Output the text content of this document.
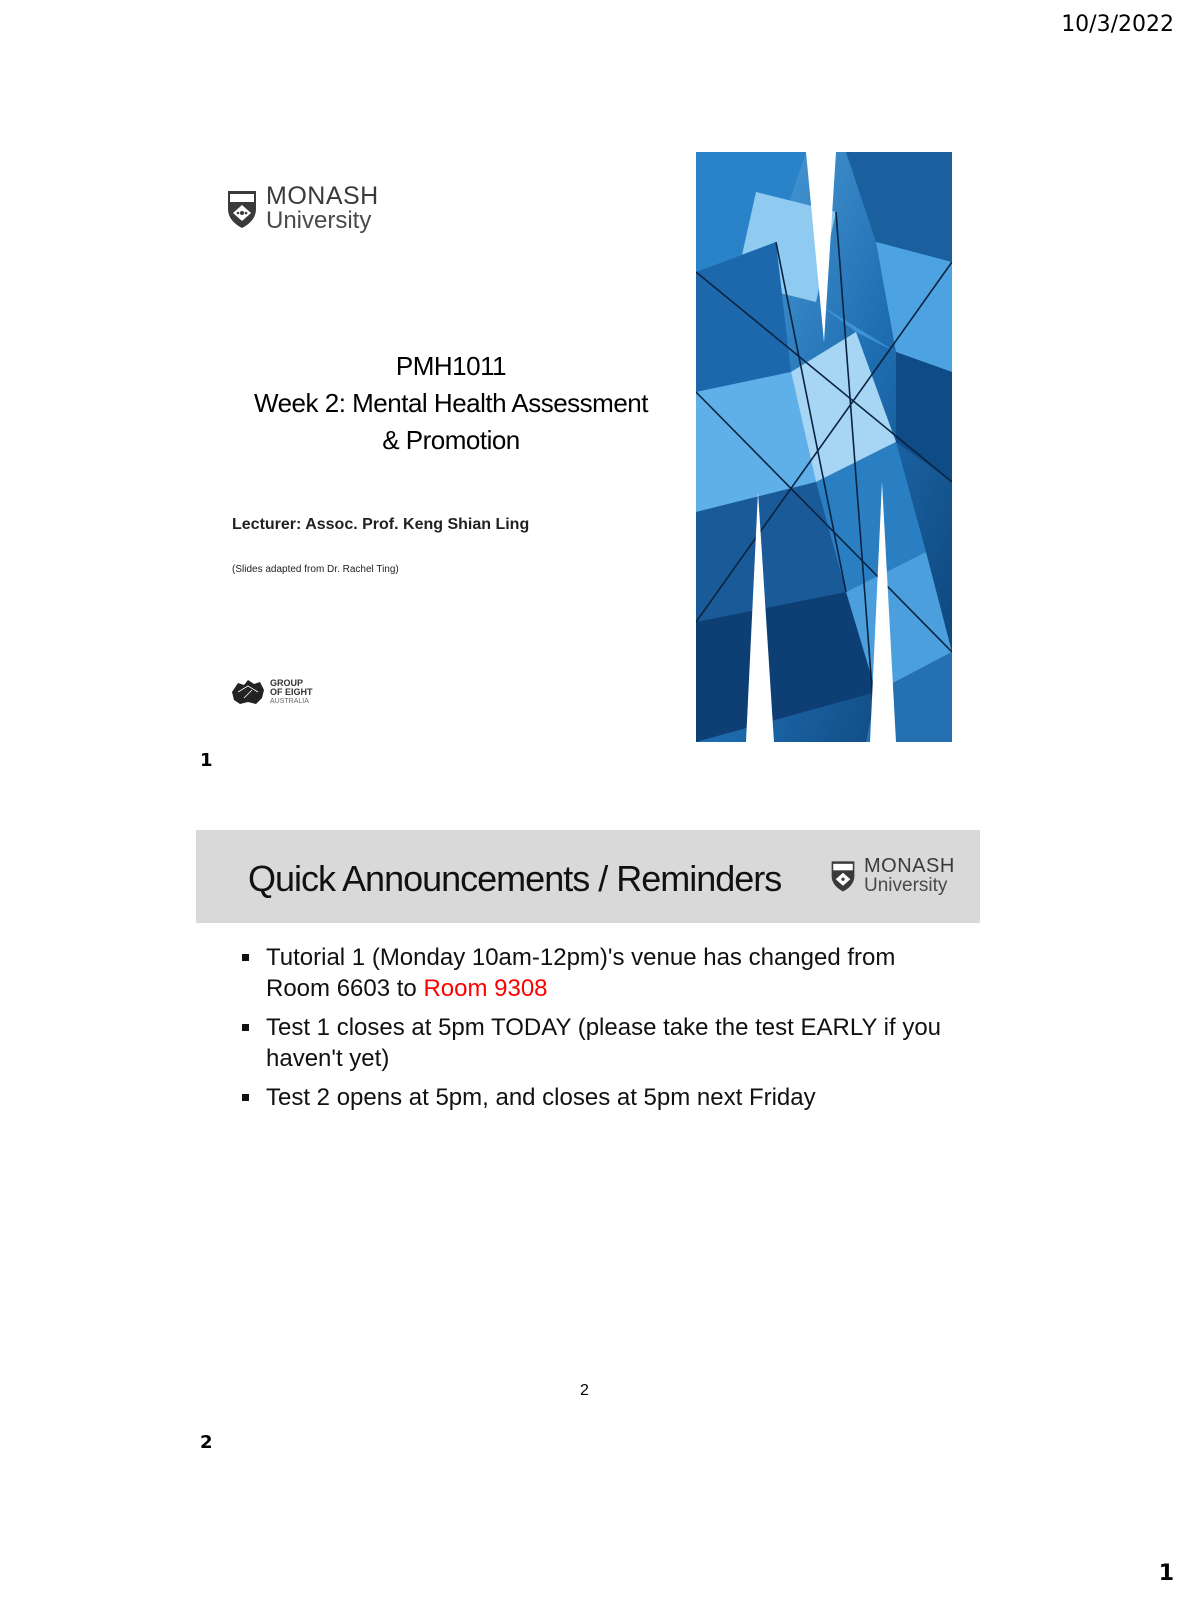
10/3/2022
MONASH
University
PMH1011
Week 2: Mental Health Assessment
& Promotion
Lecturer: Assoc. Prof. Keng Shian Ling
(Slides adapted from Dr. Rachel Ting)
GROUP
OF EIGHT
AUSTRALIA
1
Quick Announcements / Reminders	MONASH
University
Tutorial 1 (Monday 10am-12pm)'s venue has changed from Room 6603 to Room 9308
Test 1 closes at 5pm TODAY (please take the test EARLY if you haven't yet)
Test 2 opens at 5pm, and closes at 5pm next Friday
2
2
1
